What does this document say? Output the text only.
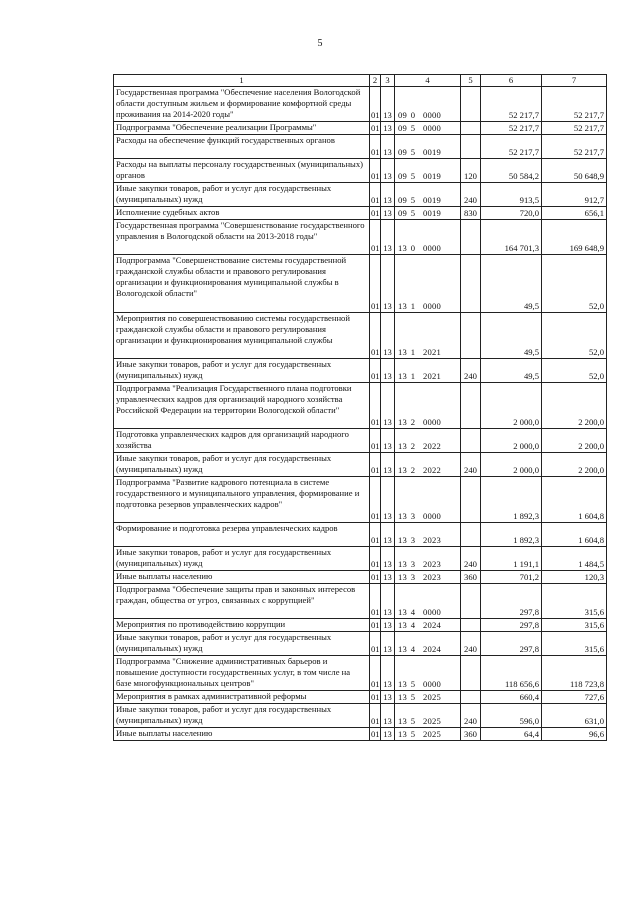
5
1	2	3	4	5	6	7
Государственная программа "Обеспечение населения Вологодской области доступным жильем и формирование комфортной среды проживания на 2014-2020 годы"	01	13	09 0 0000		52 217,7	52 217,7
Подпрограмма "Обеспечение реализации Программы"	01	13	09 5 0000		52 217,7	52 217,7
Расходы на обеспечение функций государственных органов	01	13	09 5 0019		52 217,7	52 217,7
Расходы на выплаты персоналу государственных (муниципальных) органов	01	13	09 5 0019	120	50 584,2	50 648,9
Иные закупки товаров, работ и услуг для государственных (муниципальных) нужд	01	13	09 5 0019	240	913,5	912,7
Исполнение судебных актов	01	13	09 5 0019	830	720,0	656,1
Государственная программа "Совершенствование государственного управления в Вологодской области на 2013-2018 годы"	01	13	13 0 0000		164 701,3	169 648,9
Подпрограмма "Совершенствование системы государственной гражданской службы области и правового регулирования организации и функционирования муниципальной службы в Вологодской области"	01	13	13 1 0000		49,5	52,0
Мероприятия по совершенствованию системы государственной гражданской службы области и правового регулирования организации и функционирования муниципальной службы	01	13	13 1 2021		49,5	52,0
Иные закупки товаров, работ и услуг для государственных (муниципальных) нужд	01	13	13 1 2021	240	49,5	52,0
Подпрограмма "Реализация Государственного плана подготовки управленческих кадров для организаций народного хозяйства Российской Федерации на территории Вологодской области"	01	13	13 2 0000		2 000,0	2 200,0
Подготовка управленческих кадров для организаций народного хозяйства	01	13	13 2 2022		2 000,0	2 200,0
Иные закупки товаров, работ и услуг для государственных (муниципальных) нужд	01	13	13 2 2022	240	2 000,0	2 200,0
Подпрограмма "Развитие кадрового потенциала в системе государственного и муниципального управления, формирование и подготовка резервов управленческих кадров"	01	13	13 3 0000		1 892,3	1 604,8
Формирование и подготовка резерва управленческих кадров	01	13	13 3 2023		1 892,3	1 604,8
Иные закупки товаров, работ и услуг для государственных (муниципальных) нужд	01	13	13 3 2023	240	1 191,1	1 484,5
Иные выплаты населению	01	13	13 3 2023	360	701,2	120,3
Подпрограмма "Обеспечение защиты прав и законных интересов граждан, общества от угроз, связанных с коррупцией"	01	13	13 4 0000		297,8	315,6
Мероприятия по противодействию коррупции	01	13	13 4 2024		297,8	315,6
Иные закупки товаров, работ и услуг для государственных (муниципальных) нужд	01	13	13 4 2024	240	297,8	315,6
Подпрограмма "Снижение административных барьеров и повышение доступности государственных услуг, в том числе на базе многофункциональных центров"	01	13	13 5 0000		118 656,6	118 723,8
Мероприятия в рамках административной реформы	01	13	13 5 2025		660,4	727,6
Иные закупки товаров, работ и услуг для государственных (муниципальных) нужд	01	13	13 5 2025	240	596,0	631,0
Иные выплаты населению	01	13	13 5 2025	360	64,4	96,6
